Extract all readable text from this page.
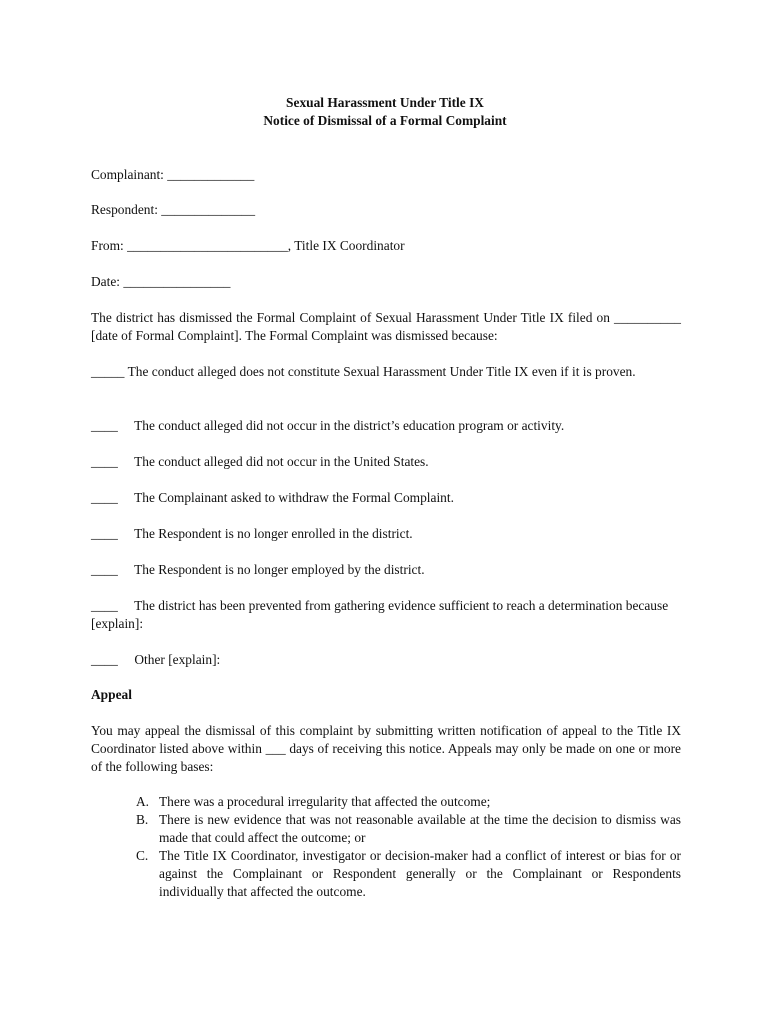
Sexual Harassment Under Title IX
Notice of Dismissal of a Formal Complaint
Complainant: _____________
Respondent: ______________
From: ________________________, Title IX Coordinator
Date: ________________
The district has dismissed the Formal Complaint of Sexual Harassment Under Title IX filed on __________ [date of Formal Complaint]. The Formal Complaint was dismissed because:
_____ The conduct alleged does not constitute Sexual Harassment Under Title IX even if it is proven.
____ The conduct alleged did not occur in the district’s education program or activity.
____ The conduct alleged did not occur in the United States.
____ The Complainant asked to withdraw the Formal Complaint.
____ The Respondent is no longer enrolled in the district.
____ The Respondent is no longer employed by the district.
____ The district has been prevented from gathering evidence sufficient to reach a determination because [explain]:
____ Other [explain]:
Appeal
You may appeal the dismissal of this complaint by submitting written notification of appeal to the Title IX Coordinator listed above within ___ days of receiving this notice. Appeals may only be made on one or more of the following bases:
A. There was a procedural irregularity that affected the outcome;
B. There is new evidence that was not reasonable available at the time the decision to dismiss was made that could affect the outcome; or
C. The Title IX Coordinator, investigator or decision-maker had a conflict of interest or bias for or against the Complainant or Respondent generally or the Complainant or Respondents individually that affected the outcome.
